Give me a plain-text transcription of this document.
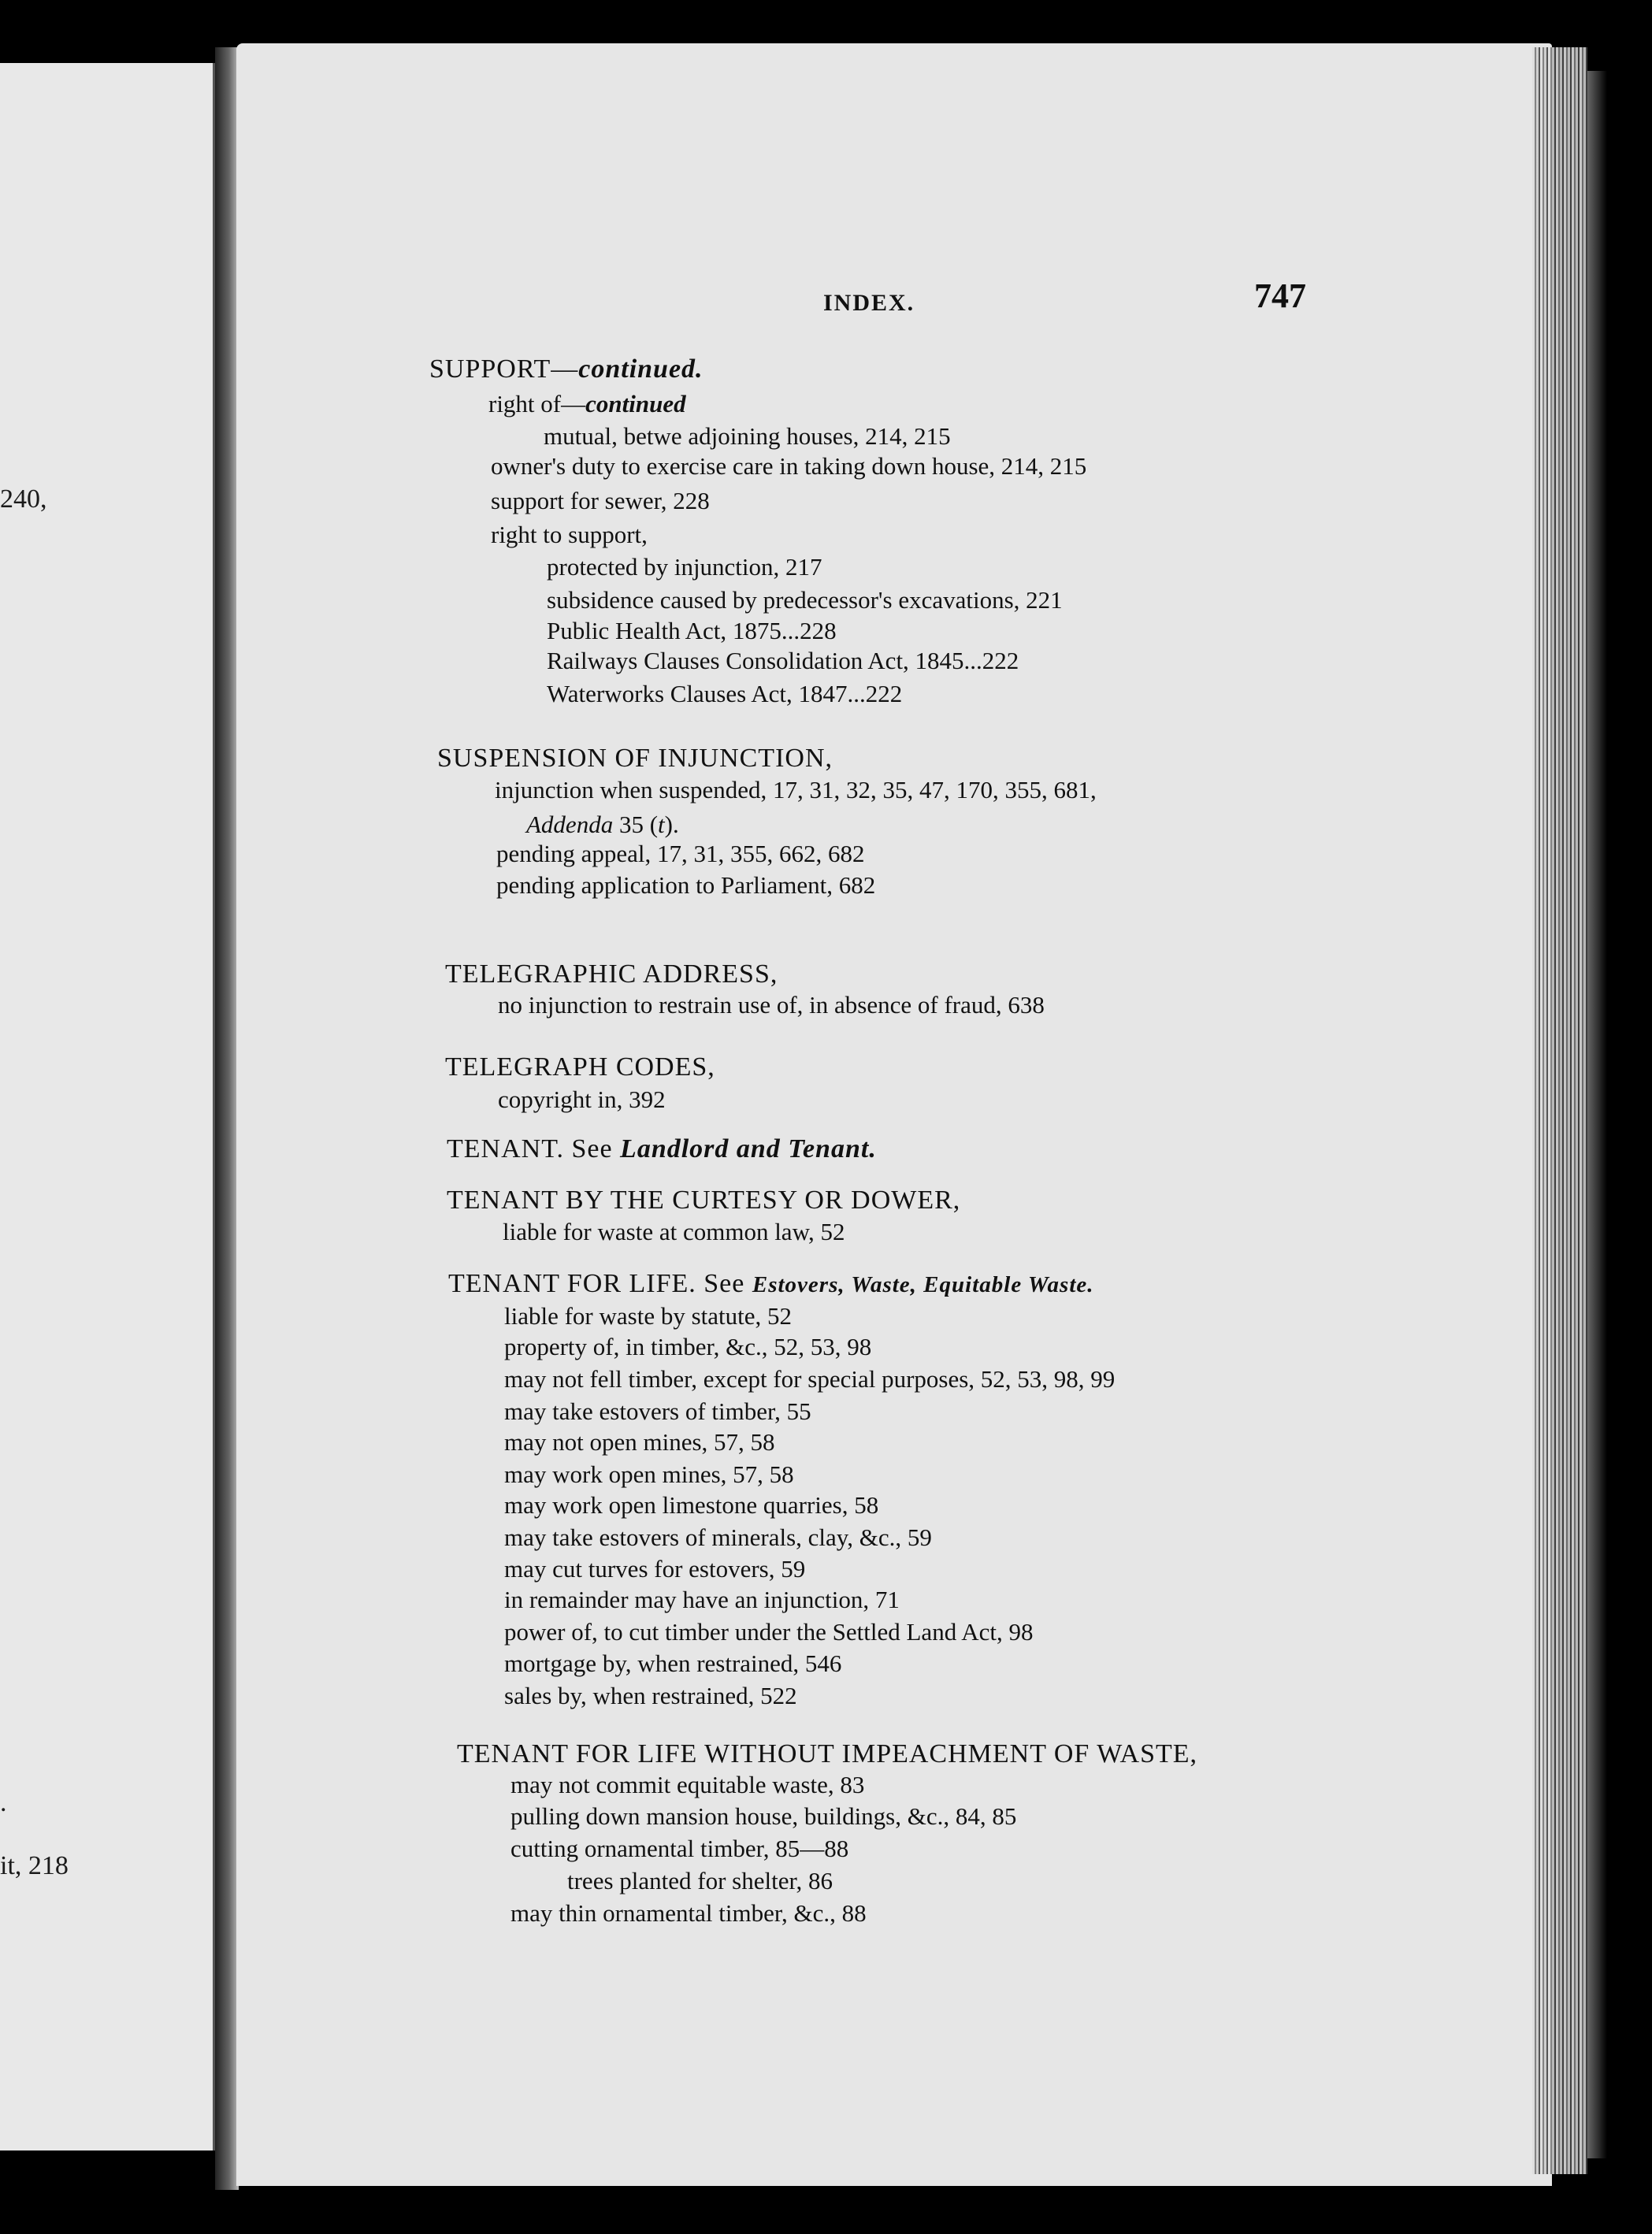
240,
.
it, 218
INDEX.	747
SUPPORT—continued.
right of—continued
mutual, betwe adjoining houses, 214, 215
owner's duty to exercise care in taking down house, 214, 215
support for sewer, 228
right to support,
protected by injunction, 217
subsidence caused by predecessor's excavations, 221
Public Health Act, 1875...228
Railways Clauses Consolidation Act, 1845...222
Waterworks Clauses Act, 1847...222
SUSPENSION OF INJUNCTION,
injunction when suspended, 17, 31, 32, 35, 47, 170, 355, 681,
Addenda 35 (t).
pending appeal, 17, 31, 355, 662, 682
pending application to Parliament, 682
TELEGRAPHIC ADDRESS,
no injunction to restrain use of, in absence of fraud, 638
TELEGRAPH CODES,
copyright in, 392
TENANT. See Landlord and Tenant.
TENANT BY THE CURTESY OR DOWER,
liable for waste at common law, 52
TENANT FOR LIFE. See Estovers, Waste, Equitable Waste.
liable for waste by statute, 52
property of, in timber, &c., 52, 53, 98
may not fell timber, except for special purposes, 52, 53, 98, 99
may take estovers of timber, 55
may not open mines, 57, 58
may work open mines, 57, 58
may work open limestone quarries, 58
may take estovers of minerals, clay, &c., 59
may cut turves for estovers, 59
in remainder may have an injunction, 71
power of, to cut timber under the Settled Land Act, 98
mortgage by, when restrained, 546
sales by, when restrained, 522
TENANT FOR LIFE WITHOUT IMPEACHMENT OF WASTE,
may not commit equitable waste, 83
pulling down mansion house, buildings, &c., 84, 85
cutting ornamental timber, 85—88
trees planted for shelter, 86
may thin ornamental timber, &c., 88
